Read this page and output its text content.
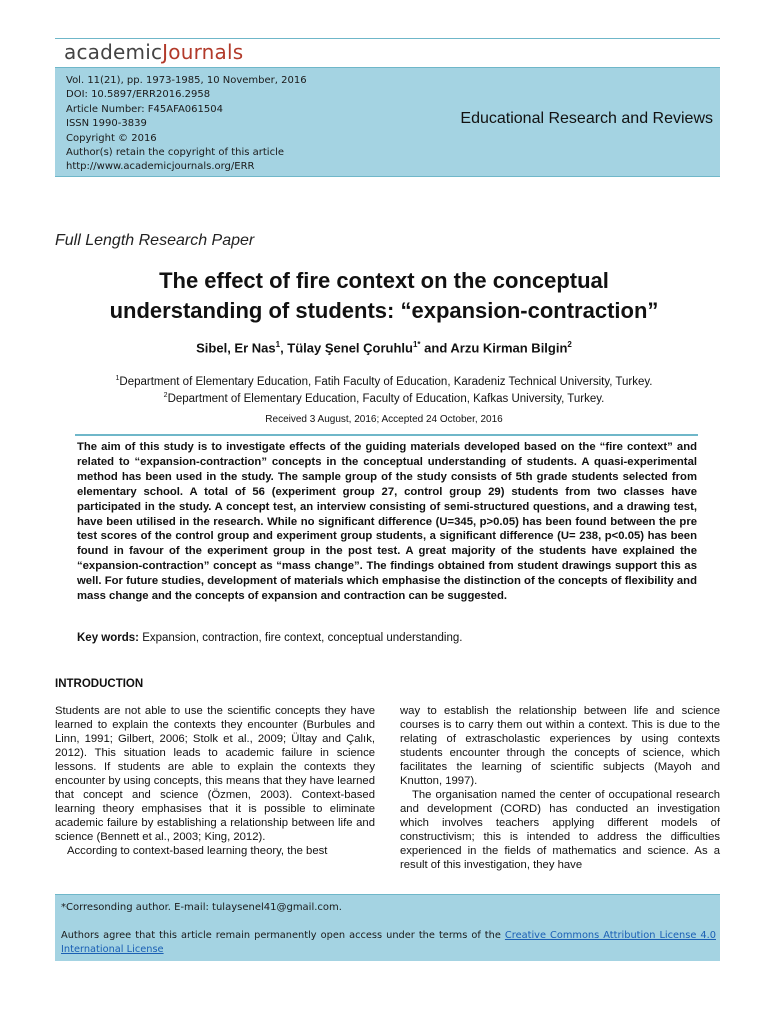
academicJournals
Vol. 11(21), pp. 1973-1985, 10 November, 2016
DOI: 10.5897/ERR2016.2958
Article Number: F45AFA061504
ISSN 1990-3839
Copyright © 2016
Author(s) retain the copyright of this article
http://www.academicjournals.org/ERR
Educational Research and Reviews
Full Length Research Paper
The effect of fire context on the conceptual
understanding of students: “expansion-contraction”
Sibel, Er Nas$^1$, Tülay Şenel Çoruhlu$^{1*}$ and Arzu Kirman Bilgin$^2$
$^1$Department of Elementary Education, Fatih Faculty of Education, Karadeniz Technical University, Turkey.
$^2$Department of Elementary Education, Faculty of Education, Kafkas University, Turkey.
Received 3 August, 2016; Accepted 24 October, 2016
The aim of this study is to investigate effects of the guiding materials developed based on the “fire context” and related to “expansion-contraction” concepts in the conceptual understanding of students. A quasi-experimental method has been used in the study. The sample group of the study consists of 5th grade students selected from elementary school. A total of 56 (experiment group 27, control group 29) students from two classes have participated in the study. A concept test, an interview consisting of semi-structured questions, and a drawing test, have been utilised in the research. While no significant difference (U=345, p>0.05) has been found between the pre test scores of the control group and experiment group students, a significant difference (U= 238, p<0.05) has been found in favour of the experiment group in the post test. A great majority of the students have explained the “expansion-contraction” concept as “mass change”. The findings obtained from student drawings support this as well. For future studies, development of materials which emphasise the distinction of the concepts of flexibility and mass change and the concepts of expansion and contraction can be suggested.
Key words: Expansion, contraction, fire context, conceptual understanding.
INTRODUCTION

Students are not able to use the scientific concepts they have learned to explain the contexts they encounter (Burbules and Linn, 1991; Gilbert, 2006; Stolk et al., 2009; Ültay and Çalık, 2012). This situation leads to academic failure in science lessons. If students are able to explain the contexts they encounter by using concepts, this means that they have learned that concept and science (Özmen, 2003). Context-based learning theory emphasises that it is possible to eliminate academic failure by establishing a relationship between life and science (Bennett et al., 2003; King, 2012).

According to context-based learning theory, the best

way to establish the relationship between life and science courses is to carry them out within a context. This is due to the relating of extrascholastic experiences by using contexts students encounter through the concepts of science, which facilitates the learning of scientific subjects (Mayoh and Knutton, 1997).

The organisation named the center of occupational research and development (CORD) has conducted an investigation which involves teachers applying different models of constructivism; this is intended to address the difficulties experienced in the fields of mathematics and science. As a result of this investigation, they have

*Corresonding author. E-mail: tulaysenel41@gmail.com.
Authors agree that this article remain permanently open access under the terms of the Creative Commons Attribution License 4.0 International License
